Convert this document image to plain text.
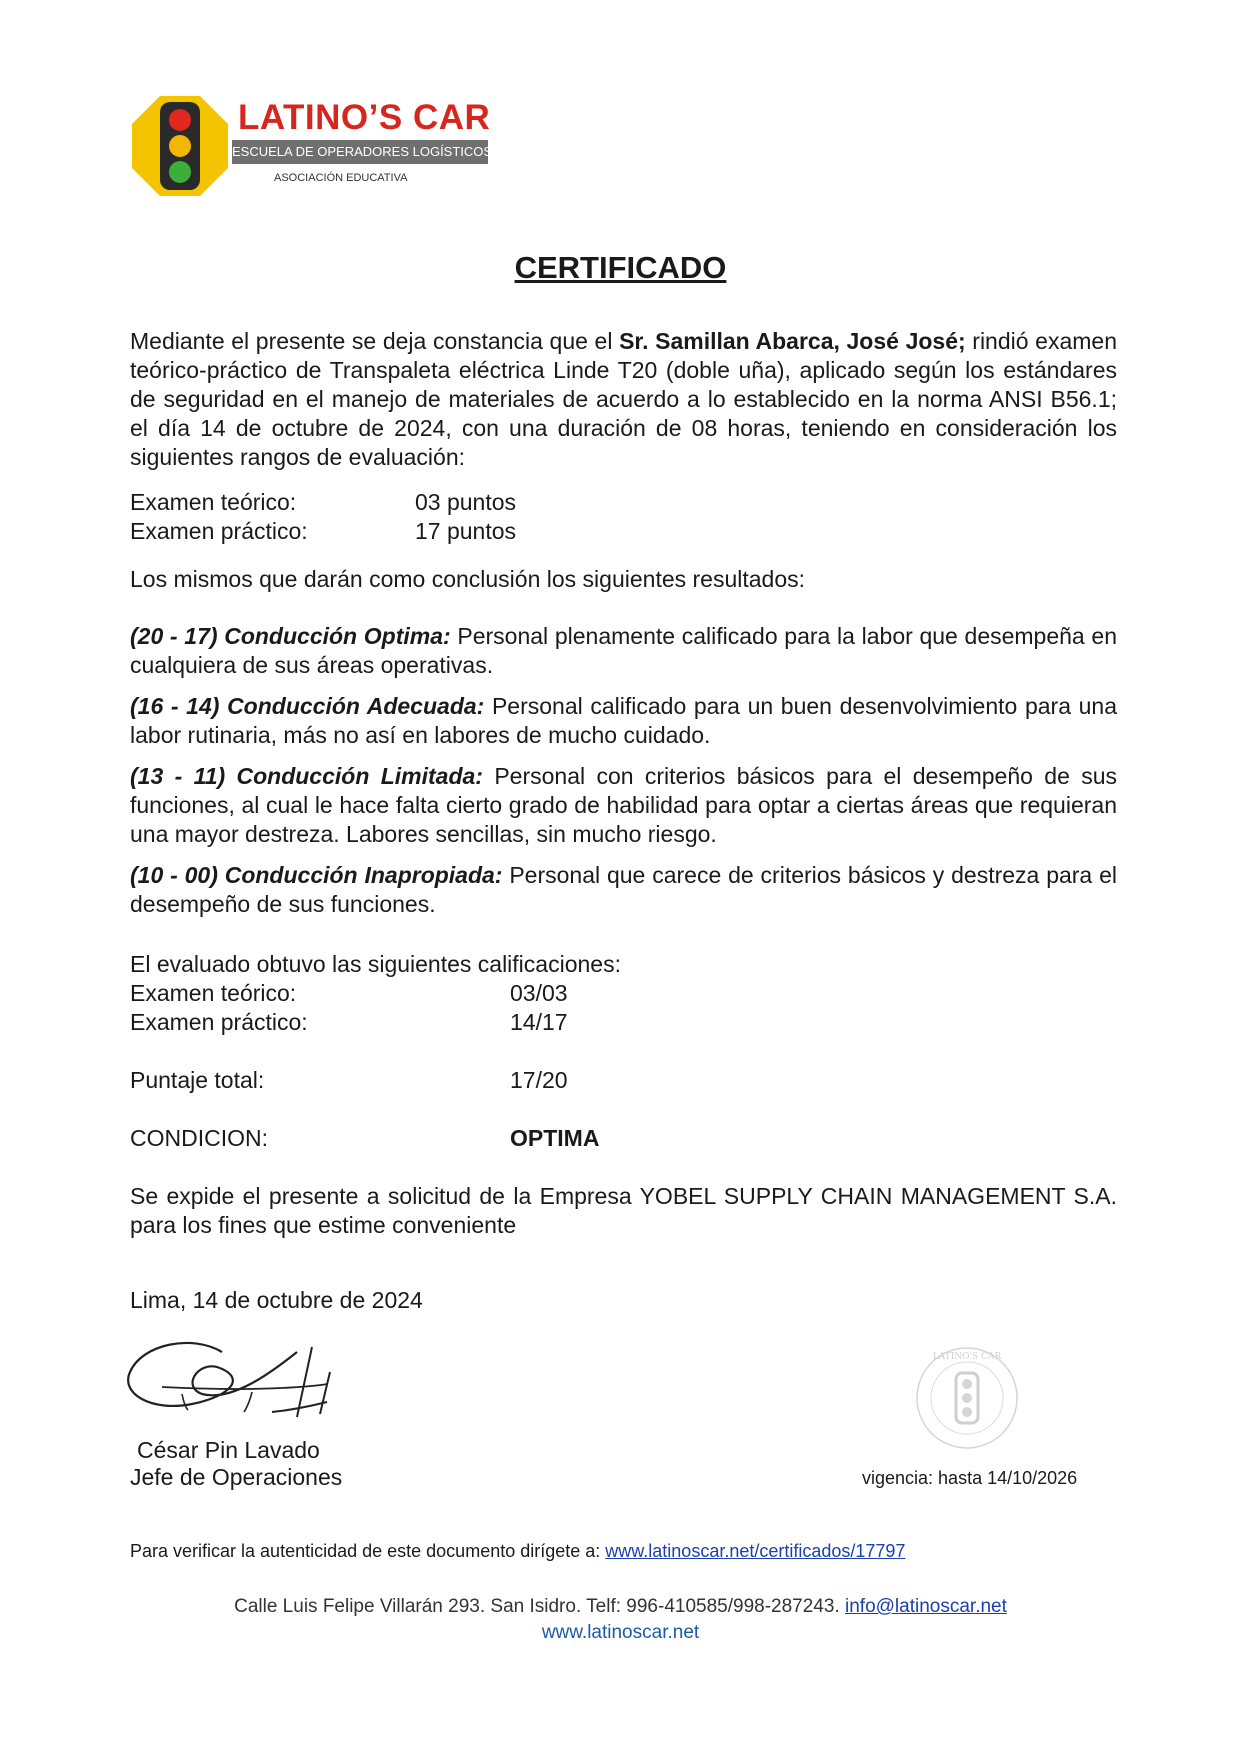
LATINO’S CAR
ESCUELA DE OPERADORES LOGÍSTICOS
ASOCIACIÓN EDUCATIVA
CERTIFICADO
Mediante el presente se deja constancia que el Sr. Samillan Abarca, José José; rindió examen teórico-práctico de Transpaleta eléctrica Linde T20 (doble uña), aplicado según los estándares de seguridad en el manejo de materiales de acuerdo a lo establecido en la norma ANSI B56.1; el día 14 de octubre de 2024, con una duración de 08 horas, teniendo en consideración los siguientes rangos de evaluación:
Examen teórico:	03 puntos
Examen práctico:	17 puntos
Los mismos que darán como conclusión los siguientes resultados:
(20 - 17) Conducción Optima: Personal plenamente calificado para la labor que desempeña en cualquiera de sus áreas operativas.
(16 - 14) Conducción Adecuada: Personal calificado para un buen desenvolvimiento para una labor rutinaria, más no así en labores de mucho cuidado.
(13 - 11) Conducción Limitada: Personal con criterios básicos para el desempeño de sus funciones, al cual le hace falta cierto grado de habilidad para optar a ciertas áreas que requieran una mayor destreza. Labores sencillas, sin mucho riesgo.
(10 - 00) Conducción Inapropiada: Personal que carece de criterios básicos y destreza para el desempeño de sus funciones.
El evaluado obtuvo las siguientes calificaciones:
Examen teórico:	03/03
Examen práctico:	14/17
Puntaje total:	17/20
CONDICION:	OPTIMA
Se expide el presente a solicitud de la Empresa YOBEL SUPPLY CHAIN MANAGEMENT S.A. para los fines que estime conveniente
Lima, 14 de octubre de 2024
César Pin Lavado
Jefe de Operaciones
LATINO'S CAR
vigencia: hasta 14/10/2026
Para verificar la autenticidad de este documento dirígete a: www.latinoscar.net/certificados/17797
Calle Luis Felipe Villarán 293. San Isidro. Telf: 996-410585/998-287243. info@latinoscar.net
www.latinoscar.net
